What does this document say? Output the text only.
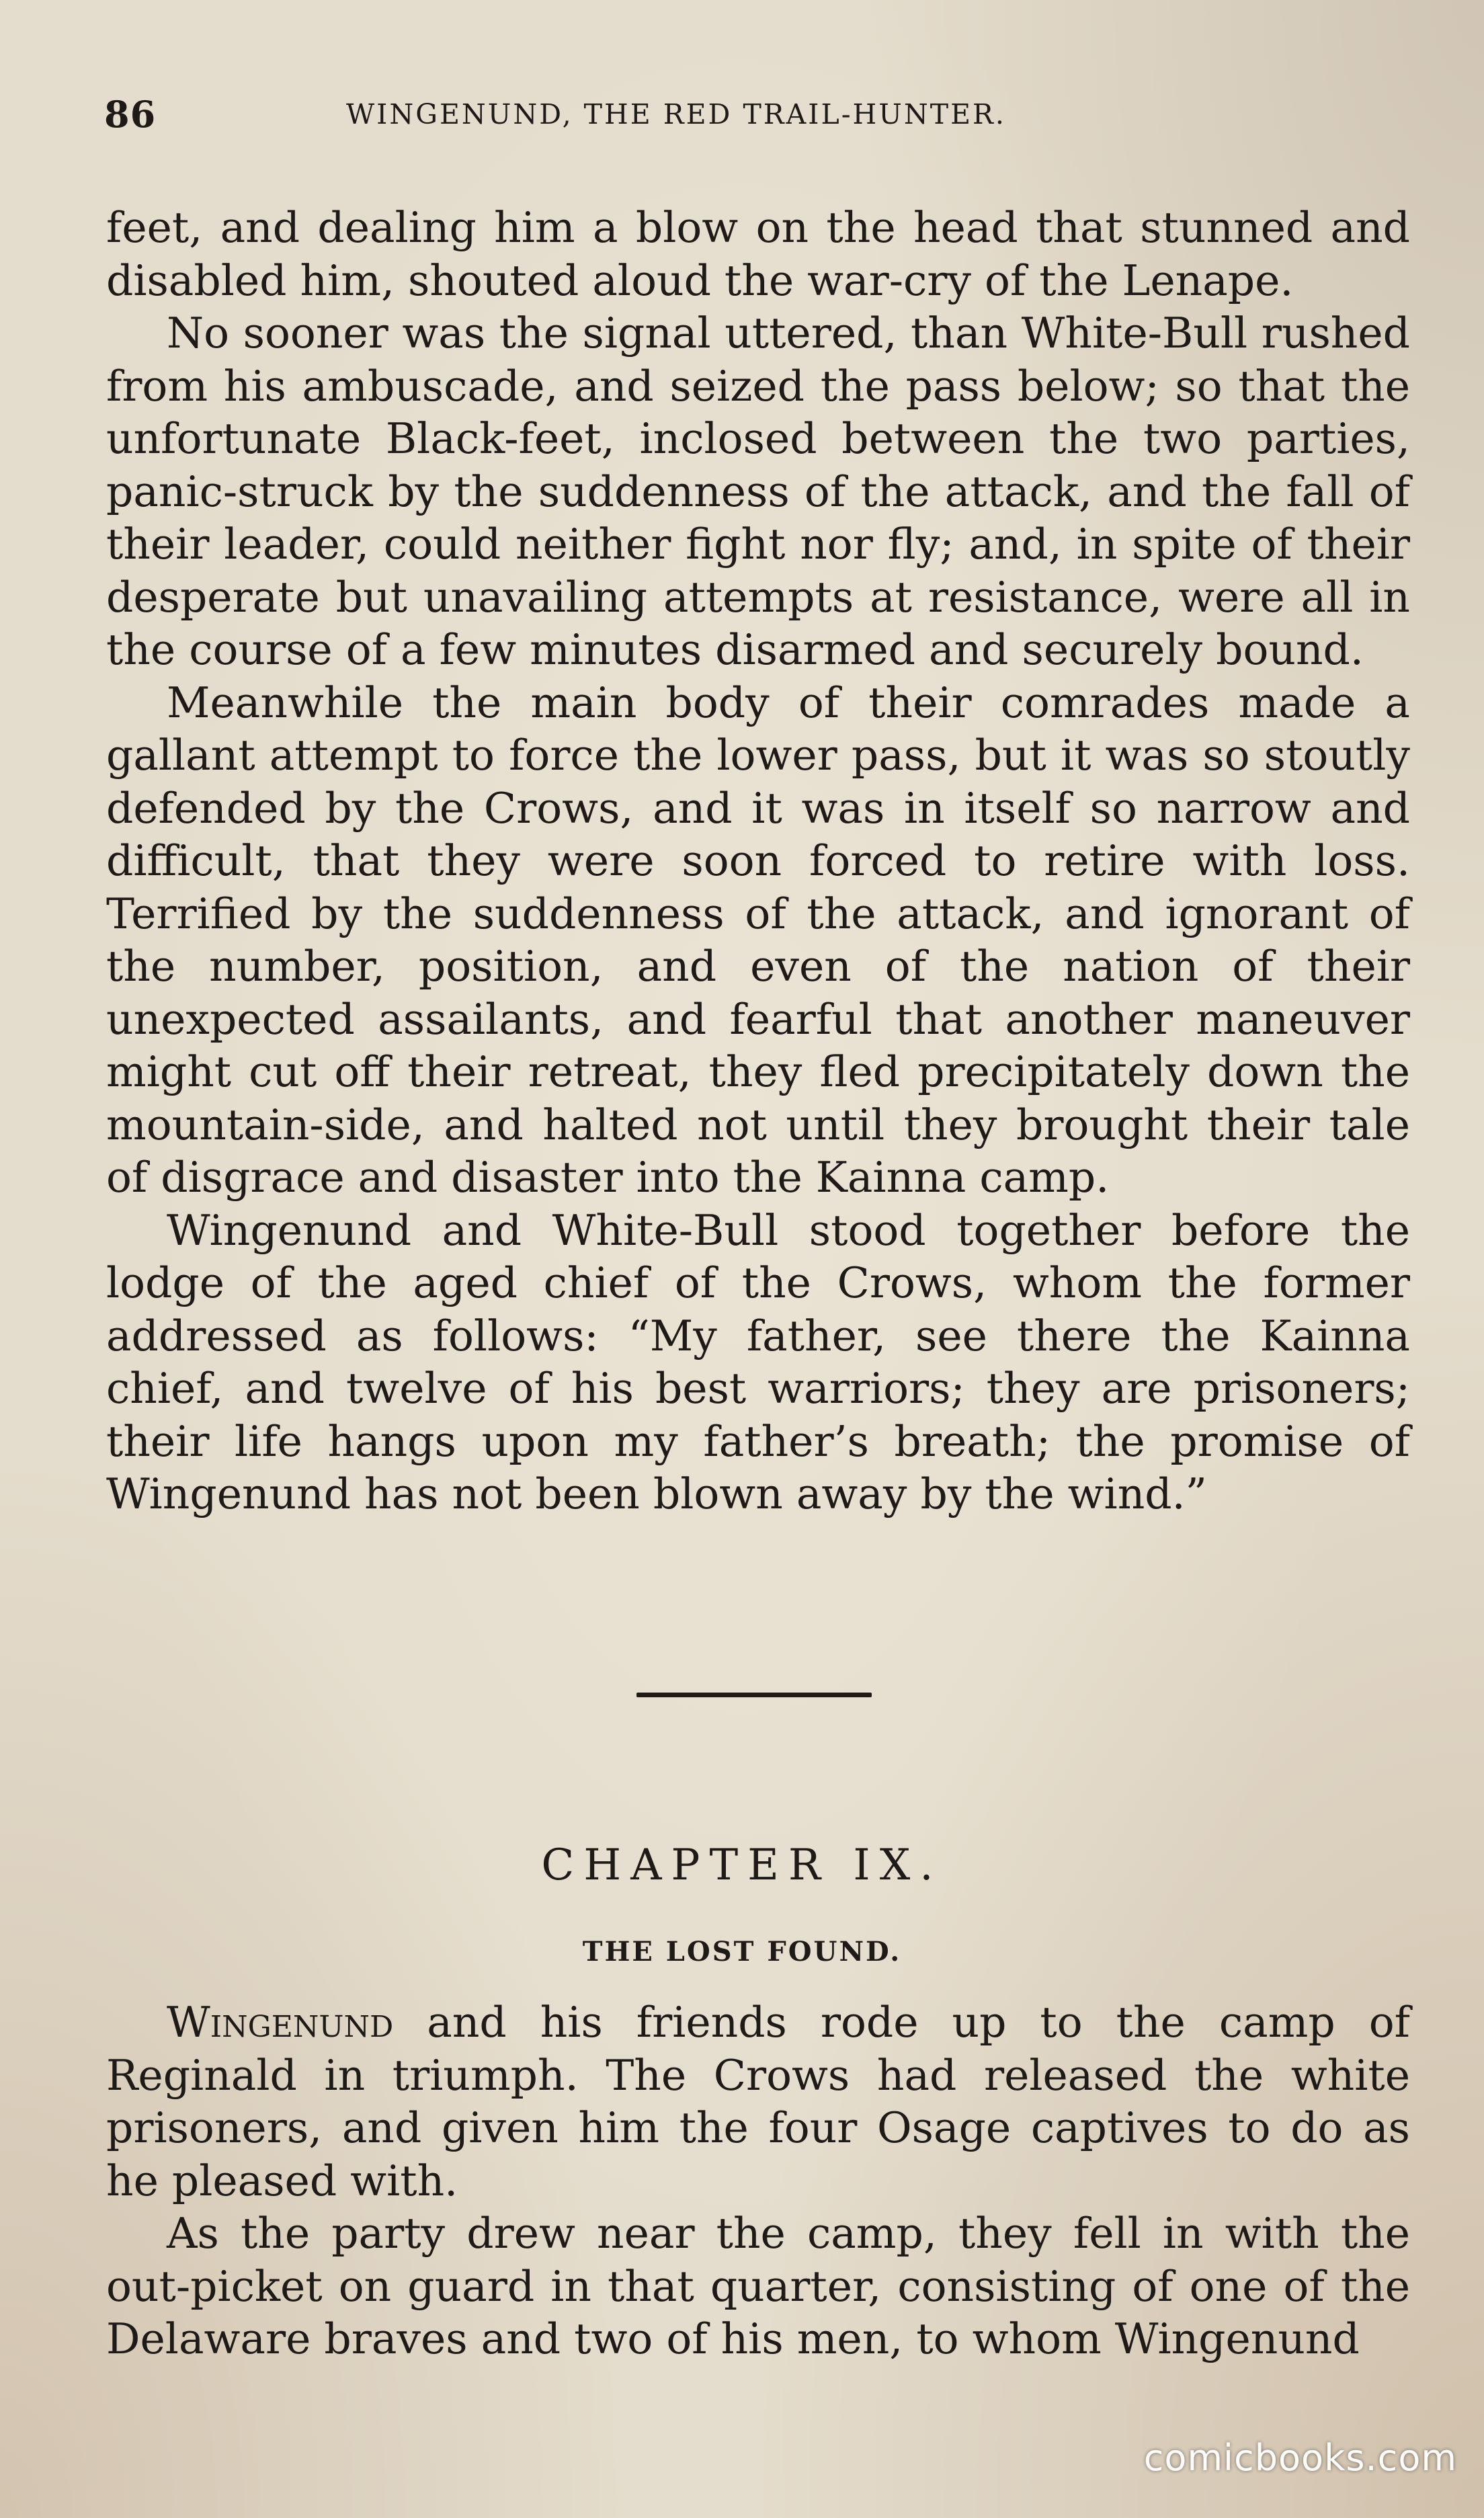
86	WINGENUND, THE RED TRAIL-HUNTER.

feet, and dealing him a blow on the head that stunned and disabled him, shouted aloud the war-cry of the Lenape.

No sooner was the signal uttered, than White-Bull rushed from his ambuscade, and seized the pass below; so that the unfortunate Black-feet, inclosed between the two parties, panic-struck by the suddenness of the attack, and the fall of their leader, could neither fight nor fly; and, in spite of their desperate but unavailing attempts at resistance, were all in the course of a few minutes disarmed and securely bound.

Meanwhile the main body of their comrades made a gallant attempt to force the lower pass, but it was so stoutly defended by the Crows, and it was in itself so narrow and difficult, that they were soon forced to retire with loss. Terrified by the suddenness of the attack, and ignorant of the number, position, and even of the nation of their unexpected assailants, and fearful that another maneuver might cut off their retreat, they fled precipitately down the mountain-side, and halted not until they brought their tale of disgrace and disaster into the Kainna camp.

Wingenund and White-Bull stood together before the lodge of the aged chief of the Crows, whom the former addressed as follows: “My father, see there the Kainna chief, and twelve of his best warriors; they are prisoners; their life hangs upon my father’s breath; the promise of Wingenund has not been blown away by the wind.”

CHAPTER IX.
THE LOST FOUND.

Wingenund and his friends rode up to the camp of Reginald in triumph. The Crows had released the white prisoners, and given him the four Osage captives to do as he pleased with.

As the party drew near the camp, they fell in with the out-picket on guard in that quarter, consisting of one of the Delaware braves and two of his men, to whom Wingenund

comicbooks.com
